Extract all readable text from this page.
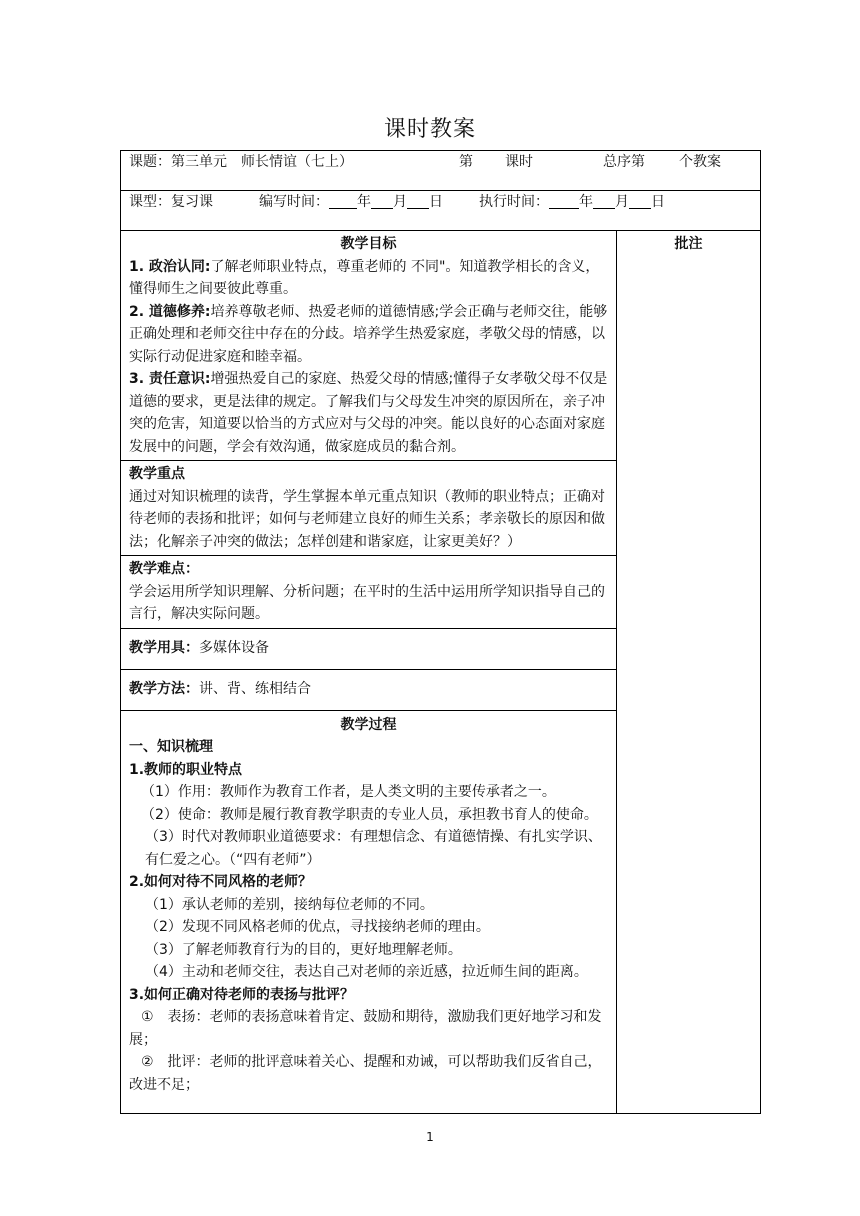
课时教案
课题：第三单元　师长情谊（七上）	第	课时	总序第	个教案

课型：复习课	编写时间： 年 月 日	执行时间： 年 月 日

教学目标
1. 政治认同:了解老师职业特点，尊重老师的 不同"。知道教学相长的含义，懂得师生之间要彼此尊重。
2. 道德修养:培养尊敬老师、热爱老师的道德情感;学会正确与老师交往，能够正确处理和老师交往中存在的分歧。培养学生热爱家庭，孝敬父母的情感，以实际行动促进家庭和睦幸福。
3. 责任意识:增强热爱自己的家庭、热爱父母的情感;懂得子女孝敬父母不仅是道德的要求，更是法律的规定。了解我们与父母发生冲突的原因所在，亲子冲突的危害，知道要以恰当的方式应对与父母的冲突。能以良好的心态面对家庭发展中的问题，学会有效沟通，做家庭成员的黏合剂。

批注

教学重点
通过对知识梳理的读背，学生掌握本单元重点知识（教师的职业特点；正确对待老师的表扬和批评；如何与老师建立良好的师生关系；孝亲敬长的原因和做法；化解亲子冲突的做法；怎样创建和谐家庭，让家更美好？）

教学难点：
学会运用所学知识理解、分析问题；在平时的生活中运用所学知识指导自己的言行，解决实际问题。

教学用具：多媒体设备

教学方法：讲、背、练相结合

教学过程
一、知识梳理
1.教师的职业特点
（1）作用：教师作为教育工作者，是人类文明的主要传承者之一。
（2）使命：教师是履行教育教学职责的专业人员，承担教书育人的使命。
（3）时代对教师职业道德要求：有理想信念、有道德情操、有扎实学识、有仁爱之心。（“四有老师”）
2.如何对待不同风格的老师？
（1）承认老师的差别，接纳每位老师的不同。
（2）发现不同风格老师的优点，寻找接纳老师的理由。
（3）了解老师教育行为的目的，更好地理解老师。
（4）主动和老师交往，表达自己对老师的亲近感，拉近师生间的距离。
3.如何正确对待老师的表扬与批评？
①　表扬：老师的表扬意味着肯定、鼓励和期待，激励我们更好地学习和发展；
②　批评：老师的批评意味着关心、提醒和劝诫，可以帮助我们反省自己，改进不足；
1
